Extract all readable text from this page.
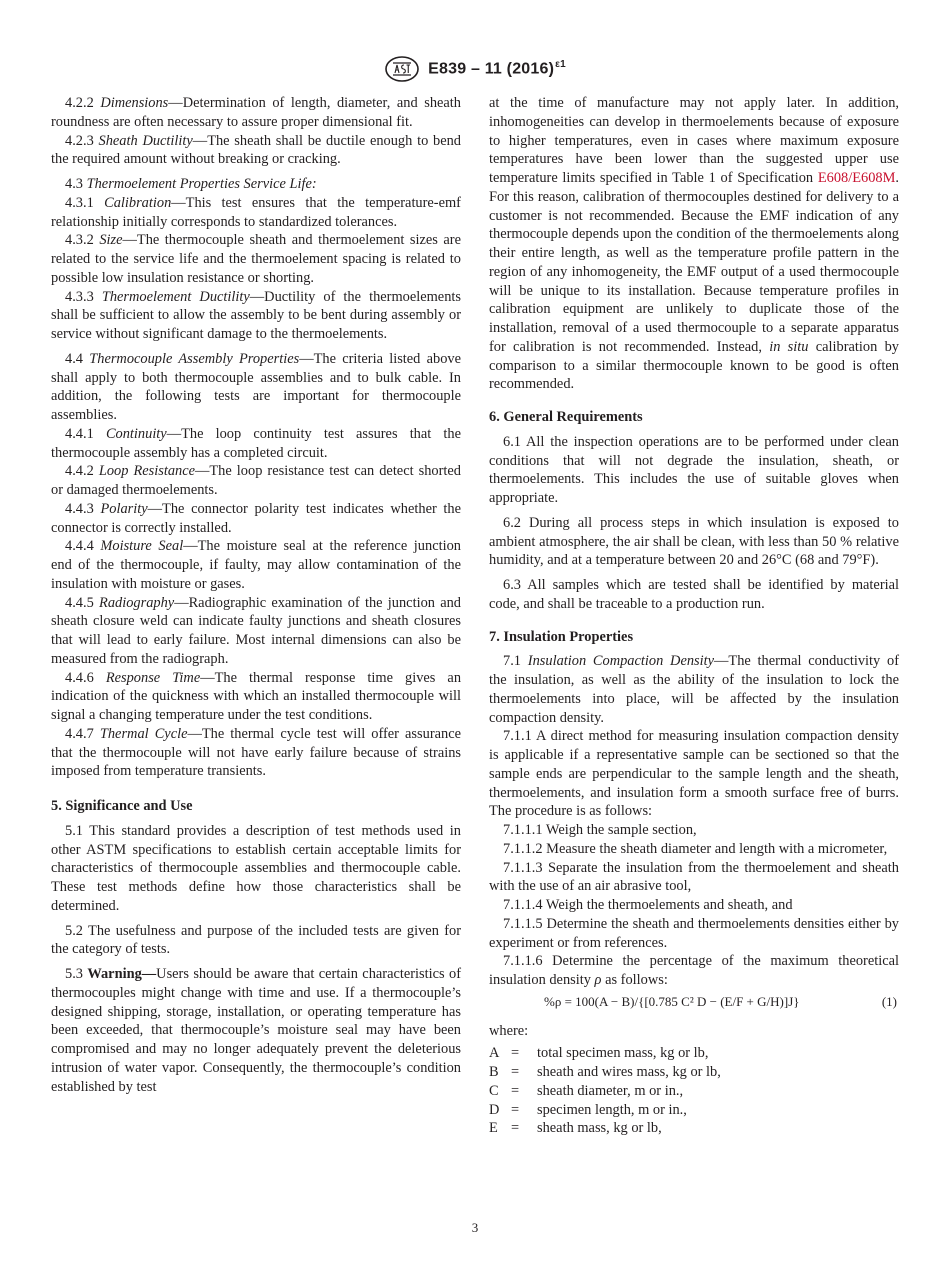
E839 – 11 $(2016)^{\varepsilon 1}$

4.2.2 Dimensions—Determination of length, diameter, and sheath roundness are often necessary to assure proper dimensional fit.

4.2.3 Sheath Ductility—The sheath shall be ductile enough to bend the required amount without breaking or cracking.

4.3 Thermoelement Properties Service Life:

4.3.1 Calibration—This test ensures that the temperature-emf relationship initially corresponds to standardized tolerances.

4.3.2 Size—The thermocouple sheath and thermoelement sizes are related to the service life and the thermoelement spacing is related to possible low insulation resistance or shorting.

4.3.3 Thermoelement Ductility—Ductility of the thermoelements shall be sufficient to allow the assembly to be bent during assembly or service without significant damage to the thermoelements.

4.4 Thermocouple Assembly Properties—The criteria listed above shall apply to both thermocouple assemblies and to bulk cable. In addition, the following tests are important for thermocouple assemblies.

4.4.1 Continuity—The loop continuity test assures that the thermocouple assembly has a completed circuit.

4.4.2 Loop Resistance—The loop resistance test can detect shorted or damaged thermoelements.

4.4.3 Polarity—The connector polarity test indicates whether the connector is correctly installed.

4.4.4 Moisture Seal—The moisture seal at the reference junction end of the thermocouple, if faulty, may allow contamination of the insulation with moisture or gases.

4.4.5 Radiography—Radiographic examination of the junction and sheath closure weld can indicate faulty junctions and sheath closures that will lead to early failure. Most internal dimensions can also be measured from the radiograph.

4.4.6 Response Time—The thermal response time gives an indication of the quickness with which an installed thermocouple will signal a changing temperature under the test conditions.

4.4.7 Thermal Cycle—The thermal cycle test will offer assurance that the thermocouple will not have early failure because of strains imposed from temperature transients.

5. Significance and Use

5.1 This standard provides a description of test methods used in other ASTM specifications to establish certain acceptable limits for characteristics of thermocouple assemblies and thermocouple cable. These test methods define how those characteristics shall be determined.

5.2 The usefulness and purpose of the included tests are given for the category of tests.

5.3 Warning—Users should be aware that certain characteristics of thermocouples might change with time and use. If a thermocouple’s designed shipping, storage, installation, or operating temperature has been exceeded, that thermocouple’s moisture seal may have been compromised and may no longer adequately prevent the deleterious intrusion of water vapor. Consequently, the thermocouple’s condition established by test

at the time of manufacture may not apply later. In addition, inhomogeneities can develop in thermoelements because of exposure to higher temperatures, even in cases where maximum exposure temperatures have been lower than the suggested upper use temperature limits specified in Table 1 of Specification E608/E608M. For this reason, calibration of thermocouples destined for delivery to a customer is not recommended. Because the EMF indication of any thermocouple depends upon the condition of the thermoelements along their entire length, as well as the temperature profile pattern in the region of any inhomogeneity, the EMF output of a used thermocouple will be unique to its installation. Because temperature profiles in calibration equipment are unlikely to duplicate those of the installation, removal of a used thermocouple to a separate apparatus for calibration is not recommended. Instead, in situ calibration by comparison to a similar thermocouple known to be good is often recommended.

6. General Requirements

6.1 All the inspection operations are to be performed under clean conditions that will not degrade the insulation, sheath, or thermoelements. This includes the use of suitable gloves when appropriate.

6.2 During all process steps in which insulation is exposed to ambient atmosphere, the air shall be clean, with less than 50 % relative humidity, and at a temperature between 20 and 26°C (68 and 79°F).

6.3 All samples which are tested shall be identified by material code, and shall be traceable to a production run.

7. Insulation Properties

7.1 Insulation Compaction Density—The thermal conductivity of the insulation, as well as the ability of the insulation to lock the thermoelements into place, will be affected by the insulation compaction density.

7.1.1 A direct method for measuring insulation compaction density is applicable if a representative sample can be sectioned so that the sample ends are perpendicular to the sample length and the sheath, thermoelements, and insulation form a smooth surface free of burrs. The procedure is as follows:

7.1.1.1 Weigh the sample section,

7.1.1.2 Measure the sheath diameter and length with a micrometer,

7.1.1.3 Separate the insulation from the thermoelement and sheath with the use of an air abrasive tool,

7.1.1.4 Weigh the thermoelements and sheath, and

7.1.1.5 Determine the sheath and thermoelements densities either by experiment or from references.

7.1.1.6 Determine the percentage of the maximum theoretical insulation density ρ as follows:

%ρ = 100(A − B)/{[0.785 C² D − (E/F + G/H)]J}	(1)

where:

A =	total specimen mass, kg or lb,
B =	sheath and wires mass, kg or lb,
C =	sheath diameter, m or in.,
D =	specimen length, m or in.,
E =	sheath mass, kg or lb,
3
